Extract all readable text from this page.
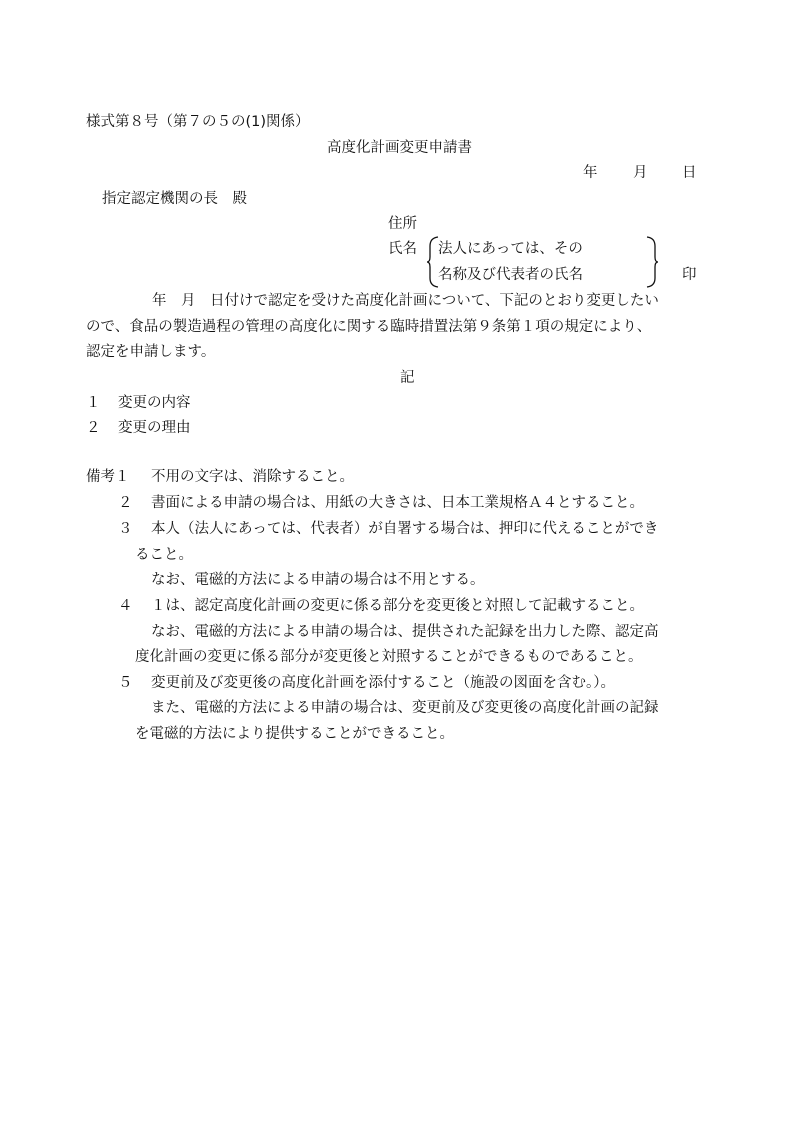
様式第８号（第７の５の(1)関係）
高度化計画変更申請書
年 月 日
指定認定機関の長　殿
住所
氏名 法人にあっては、その
名称及び代表者の氏名	印
年　月　日付けで認定を受けた高度化計画について、下記のとおり変更したい
ので、食品の製造過程の管理の高度化に関する臨時措置法第９条第１項の規定により、
認定を申請します。
記
１ 変更の内容
２ 変更の理由
備考１ 不用の文字は、消除すること。
２ 書面による申請の場合は、用紙の大きさは、日本工業規格Ａ４とすること。
３ 本人（法人にあっては、代表者）が自署する場合は、押印に代えることができ
ること。
なお、電磁的方法による申請の場合は不用とする。
４ １は、認定高度化計画の変更に係る部分を変更後と対照して記載すること。
なお、電磁的方法による申請の場合は、提供された記録を出力した際、認定高
度化計画の変更に係る部分が変更後と対照することができるものであること。
５ 変更前及び変更後の高度化計画を添付すること（施設の図面を含む。）。
また、電磁的方法による申請の場合は、変更前及び変更後の高度化計画の記録
を電磁的方法により提供することができること。
